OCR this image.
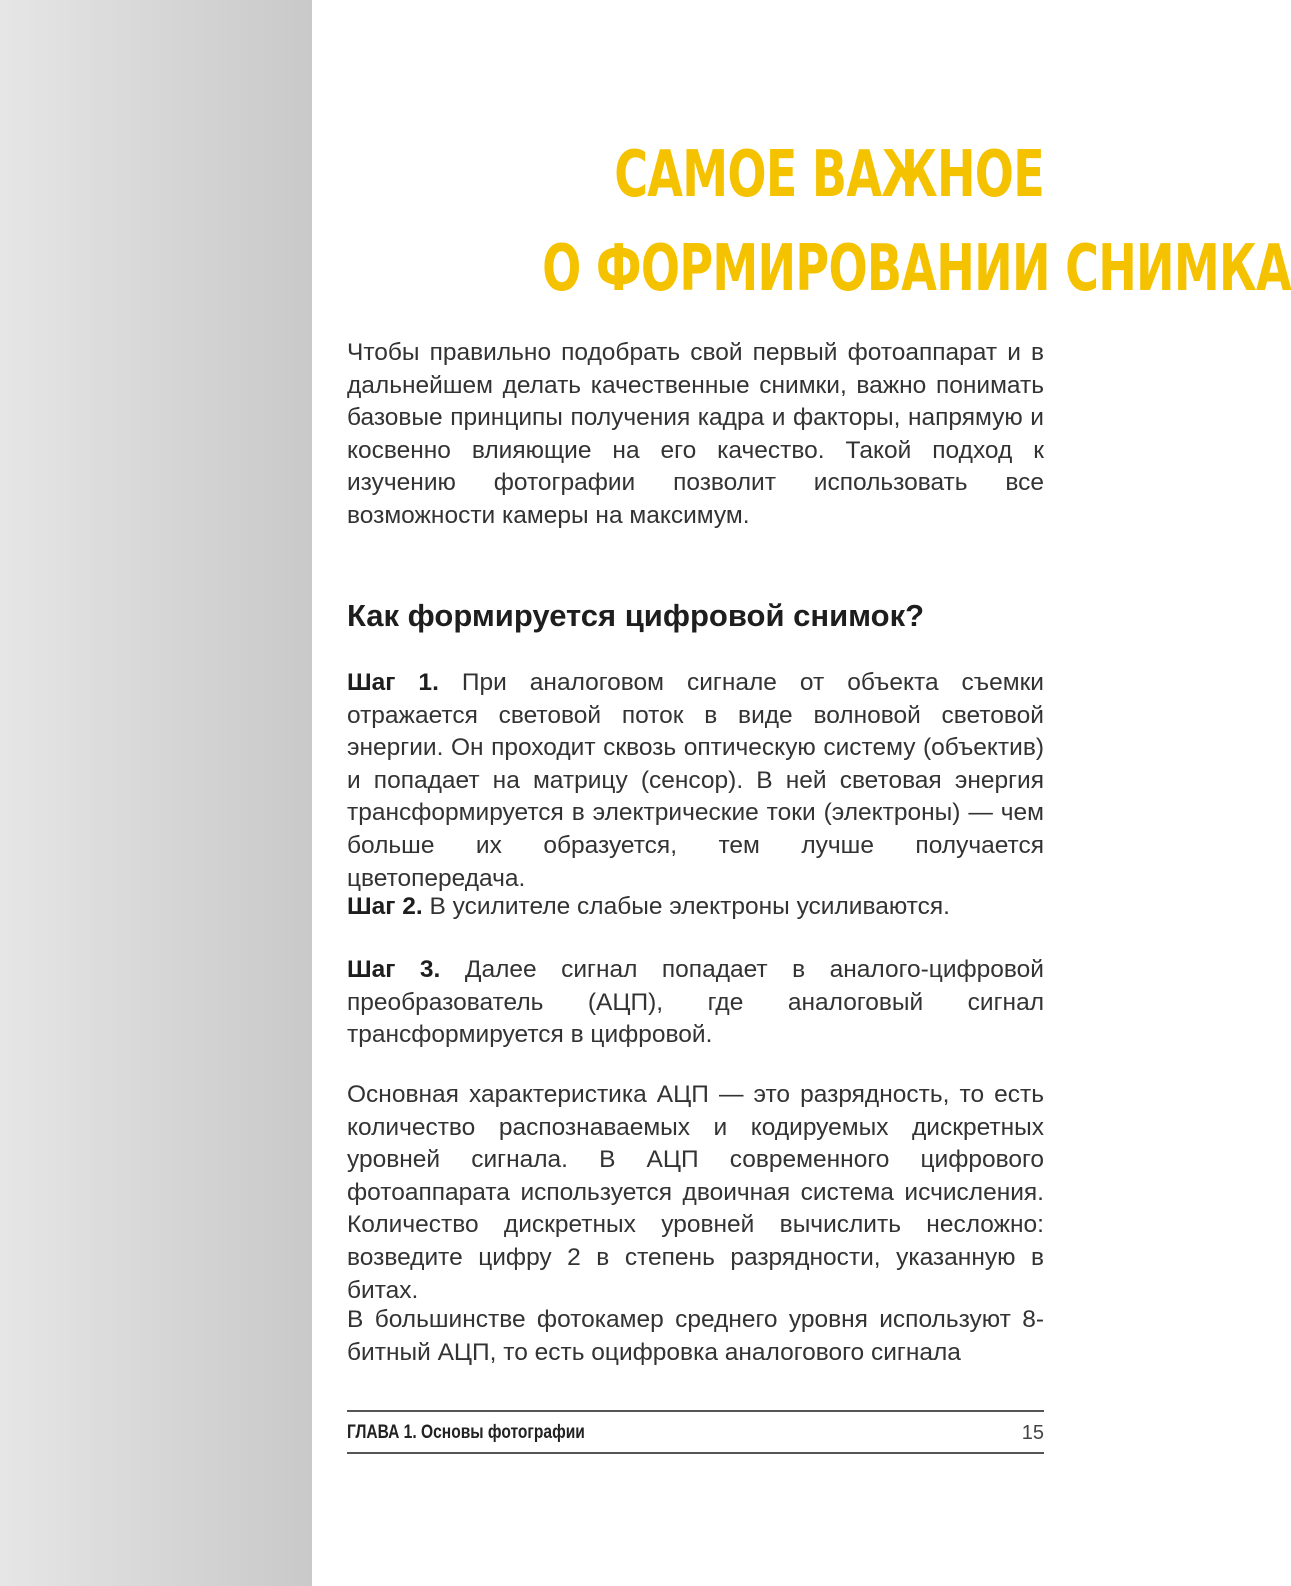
САМОЕ ВАЖНОЕ
О ФОРМИРОВАНИИ СНИМКА

Чтобы правильно подобрать свой первый фотоаппарат и в дальнейшем делать качественные снимки, важно понимать базовые принципы получения кадра и факторы, напрямую и косвенно влияющие на его качество. Такой подход к изучению фотографии позволит использовать все возможности камеры на максимум.

Как формируется цифровой снимок?

Шаг 1. При аналоговом сигнале от объекта съемки отражается световой поток в виде волновой световой энергии. Он проходит сквозь оптическую систему (объектив) и попадает на матрицу (сенсор). В ней световая энергия трансформируется в электрические токи (электроны) — чем больше их образуется, тем лучше получается цветопередача.

Шаг 2. В усилителе слабые электроны усиливаются.

Шаг 3. Далее сигнал попадает в аналого-цифровой преобразователь (АЦП), где аналоговый сигнал трансформируется в цифровой.

Основная характеристика АЦП — это разрядность, то есть количество распознаваемых и кодируемых дискретных уровней сигнала. В АЦП современного цифрового фотоаппарата используется двоичная система исчисления. Количество дискретных уровней вычислить несложно: возведите цифру 2 в степень разрядности, указанную в битах.

В большинстве фотокамер среднего уровня используют 8-битный АЦП, то есть оцифровка аналогового сигнала

ГЛАВА 1. Основы фотографии	15
